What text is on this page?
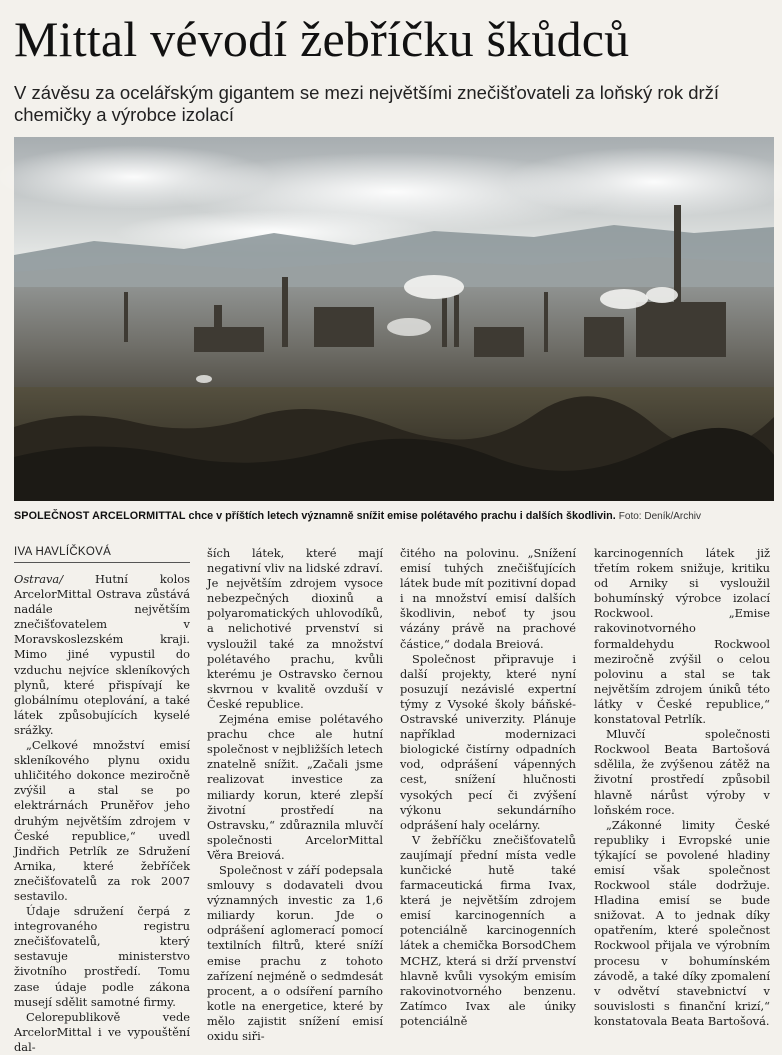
Mittal vévodí žebříčku škůdců
V závěsu za ocelářským gigantem se mezi největšími znečišťovateli za loňský rok drží chemičky a výrobce izolací
SPOLEČNOST ARCELORMITTAL chce v příštích letech významně snížit emise polétavého prachu i dalších škodlivin. Foto: Deník/Archiv
IVA HAVLÍČKOVÁ

Ostrava/ Hutní kolos ArcelorMittal Ostrava zůstává nadále největším znečišťovatelem v Moravskoslezském kraji. Mimo jiné vypustil do vzduchu nejvíce skleníkových plynů, které přispívají ke globálnímu oteplování, a také látek způsobujících kyselé srážky.

„Celkové množství emisí skleníkového plynu oxidu uhličitého dokonce meziročně zvýšil a stal se po elektrárnách Pruněřov jeho druhým největším zdrojem v České republice,“ uvedl Jindřich Petrlík ze Sdružení Arnika, které žebříček znečišťovatelů za rok 2007 sestavilo.

Údaje sdružení čerpá z integrovaného registru znečišťovatelů, který sestavuje ministerstvo životního prostředí. Tomu zase údaje podle zákona musejí sdělit samotné firmy.

Celorepublikově vede ArcelorMittal i ve vypouštění dal-

ších látek, které mají negativní vliv na lidské zdraví. Je největším zdrojem vysoce nebezpečných dioxinů a polyaromatických uhlovodíků, a nelichotivé prvenství si vysloužil také za množství polétavého prachu, kvůli kterému je Ostravsko černou skvrnou v kvalitě ovzduší v České republice.

Zejména emise polétavého prachu chce ale hutní společnost v nejbližších letech znatelně snížit. „Začali jsme realizovat investice za miliardy korun, které zlepší životní prostředí na Ostravsku,“ zdůraznila mluvčí společnosti ArcelorMittal Věra Breiová.

Společnost v září podepsala smlouvy s dodavateli dvou významných investic za 1,6 miliardy korun. Jde o odprášení aglomerací pomocí textilních filtrů, které sníží emise prachu z tohoto zařízení nejméně o sedmdesát procent, a o odsíření parního kotle na energetice, které by mělo zajistit snížení emisí oxidu siři-

čitého na polovinu. „Snížení emisí tuhých znečišťujících látek bude mít pozitivní dopad i na množství emisí dalších škodlivin, neboť ty jsou vázány právě na prachové částice,“ dodala Breiová.

Společnost připravuje i další projekty, které nyní posuzují nezávislé expertní týmy z Vysoké školy báňské-Ostravské univerzity. Plánuje například modernizaci biologické čistírny odpadních vod, odprášení vápenných cest, snížení hlučnosti vysokých pecí či zvýšení výkonu sekundárního odprášení haly ocelárny.

V žebříčku znečišťovatelů zaujímají přední místa vedle kunčické hutě také farmaceutická firma Ivax, která je největším zdrojem emisí karcinogenních a potenciálně karcinogenních látek a chemička BorsodChem MCHZ, která si drží prvenství hlavně kvůli vysokým emisím rakovinotvorného benzenu. Zatímco Ivax ale úniky potenciálně

karcinogenních látek již třetím rokem snižuje, kritiku od Arniky si vysloužil bohumínský výrobce izolací Rockwool. „Emise rakovinotvorného formaldehydu Rockwool meziročně zvýšil o celou polovinu a stal se tak největším zdrojem úniků této látky v České republice,“ konstatoval Petrlík.

Mluvčí společnosti Rockwool Beata Bartošová sdělila, že zvýšenou zátěž na životní prostředí způsobil hlavně nárůst výroby v loňském roce.

„Zákonné limity České republiky i Evropské unie týkající se povolené hladiny emisí však společnost Rockwool stále dodržuje. Hladina emisí se bude snižovat. A to jednak díky opatřením, které společnost Rockwool přijala ve výrobním procesu v bohumínském závodě, a také díky zpomalení v odvětví stavebnictví v souvislosti s finanční krizí,“ konstatovala Beata Bartošová.
